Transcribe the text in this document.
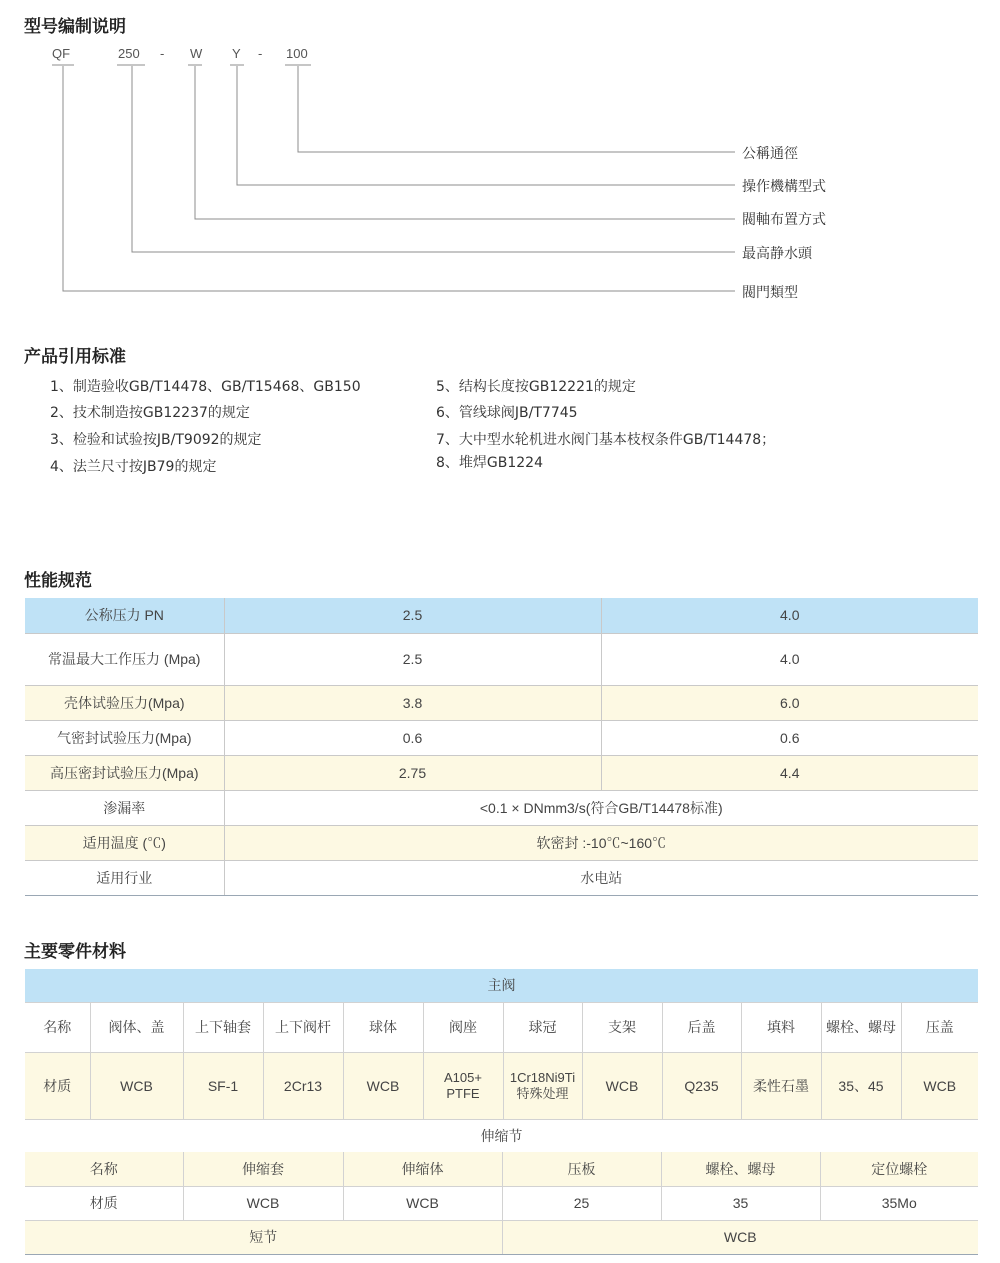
型号编制说明
QF	250 - W Y - 100
公稱通徑
操作機構型式
閥軸布置方式
最高静水頭
閥門類型
产品引用标准
1、制造验收GB/T14478、GB/T15468、GB150
2、技术制造按GB12237的规定
3、检验和试验按JB/T9092的规定
4、法兰尺寸按JB79的规定
5、结构长度按GB12221的规定
6、管线球阀JB/T7745
7、大中型水轮机进水阀门基本枝杈条件GB/T14478；
8、堆焊GB1224
性能规范
公称压力 PN	2.5	4.0
常温最大工作压力 (Mpa)	2.5	4.0
壳体试验压力(Mpa)	3.8	6.0
气密封试验压力(Mpa)	0.6	0.6
高压密封试验压力(Mpa)	2.75	4.4
渗漏率	<0.1 × DNmm3/s(符合GB/T14478标准)	
适用温度 (℃)	软密封 :-10℃~160℃	
适用行业	水电站	
主要零件材料
主阀											
名称	阀体、盖	上下轴套	上下阀杆	球体	阀座	球冠	支架	后盖	填料	螺栓、螺母	压盖
材质	WCB	SF-1	2Cr13	WCB	A105+ PTFE	1Cr18Ni9Ti 特殊处理	WCB	Q235	柔性石墨	35、45	WCB
伸缩节					
名称	伸缩套	伸缩体	压板	螺栓、螺母	定位螺栓
材质	WCB	WCB	25	35	35Mo
短节			WCB		
